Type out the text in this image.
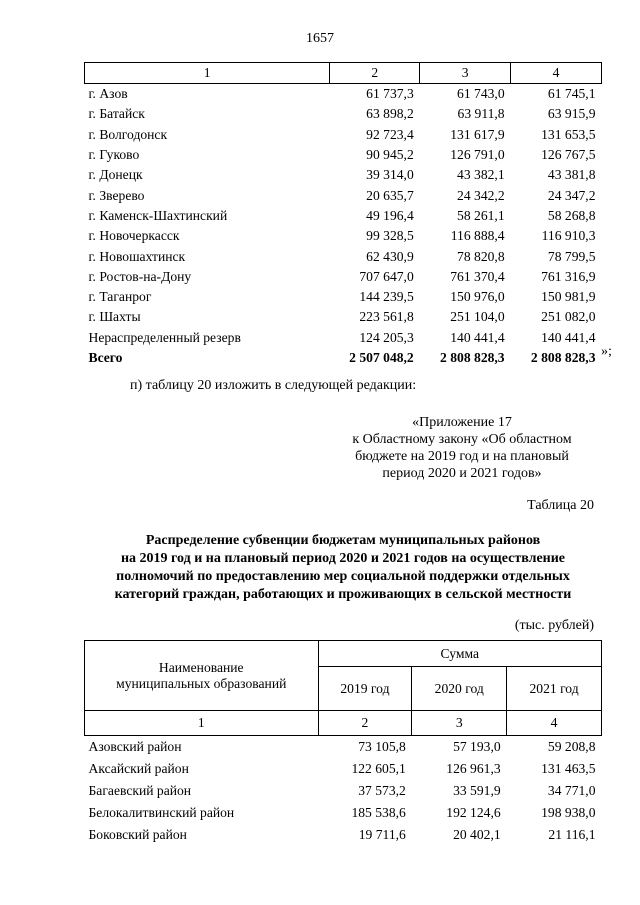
1657
1	2	3	4
г. Азов	61 737,3	61 743,0	61 745,1
г. Батайск	63 898,2	63 911,8	63 915,9
г. Волгодонск	92 723,4	131 617,9	131 653,5
г. Гуково	90 945,2	126 791,0	126 767,5
г. Донецк	39 314,0	43 382,1	43 381,8
г. Зверево	20 635,7	24 342,2	24 347,2
г. Каменск-Шахтинский	49 196,4	58 261,1	58 268,8
г. Новочеркасск	99 328,5	116 888,4	116 910,3
г. Новошахтинск	62 430,9	78 820,8	78 799,5
г. Ростов-на-Дону	707 647,0	761 370,4	761 316,9
г. Таганрог	144 239,5	150 976,0	150 981,9
г. Шахты	223 561,8	251 104,0	251 082,0
Нераспределенный резерв	124 205,3	140 441,4	140 441,4
Всего	2 507 048,2	2 808 828,3	2 808 828,3 »;
п) таблицу 20 изложить в следующей редакции:
«Приложение 17
к Областному закону «Об областном
бюджете на 2019 год и на плановый
период 2020 и 2021 годов»
Таблица 20
Распределение субвенции бюджетам муниципальных районов
на 2019 год и на плановый период 2020 и 2021 годов на осуществление
полномочий по предоставлению мер социальной поддержки отдельных
категорий граждан, работающих и проживающих в сельской местности
(тыс. рублей)
Наименование
муниципальных образований	Сумма		
	2019 год	2020 год	2021 год
1	2	3	4
Азовский район	73 105,8	57 193,0	59 208,8
Аксайский район	122 605,1	126 961,3	131 463,5
Багаевский район	37 573,2	33 591,9	34 771,0
Белокалитвинский район	185 538,6	192 124,6	198 938,0
Боковский район	19 711,6	20 402,1	21 116,1
